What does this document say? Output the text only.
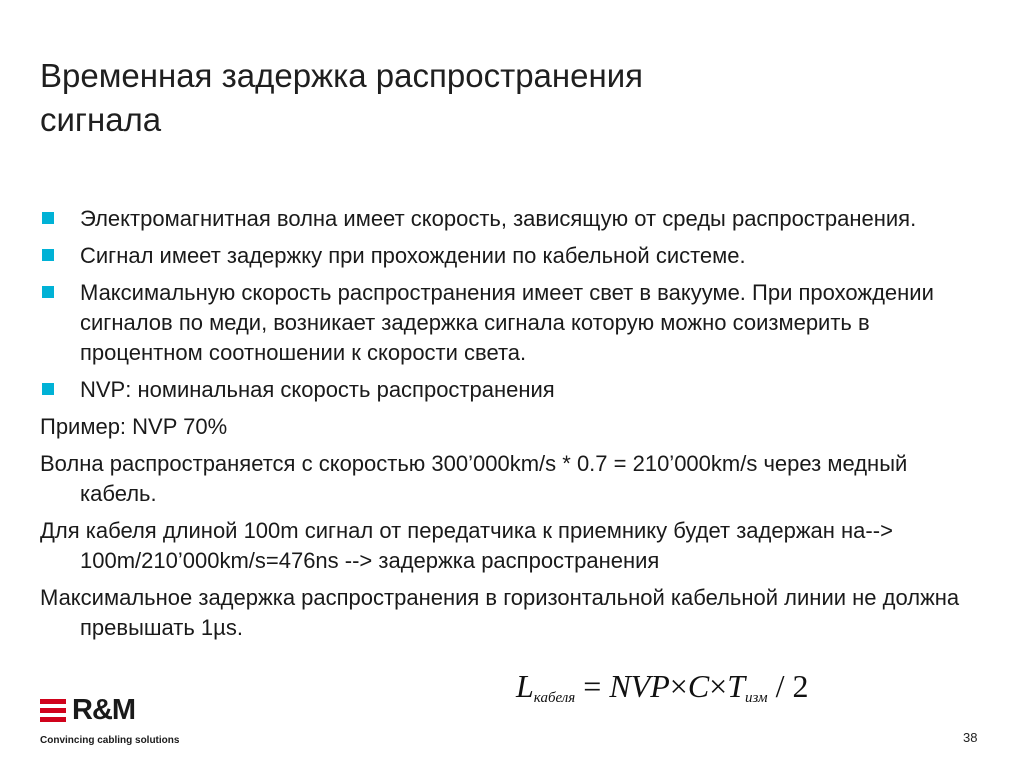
Временная задержка распространения
сигнала
Электромагнитная волна имеет скорость, зависящую от среды распространения.
Сигнал имеет задержку при прохождении по кабельной системе.
Максимальную скорость распространения имеет свет в вакууме. При прохождении сигналов по меди, возникает задержка сигнала которую можно соизмерить в процентном соотношении к скорости света.
NVP: номинальная скорость распространения
Пример: NVP 70%
Волна распространяется с скоростью 300’000km/s * 0.7 = 210’000km/s через медный кабель.
Для кабеля длиной 100m сигнал от передатчика к приемнику будет задержан на--> 100m/210’000km/s=476ns --> задержка распространения
Максимальное задержка распространения в горизонтальной кабельной линии не должна превышать 1µs.
$L_{кабеля} = NVP\times C\times T_{изм} / 2$
R&M
Convincing cabling solutions	38
